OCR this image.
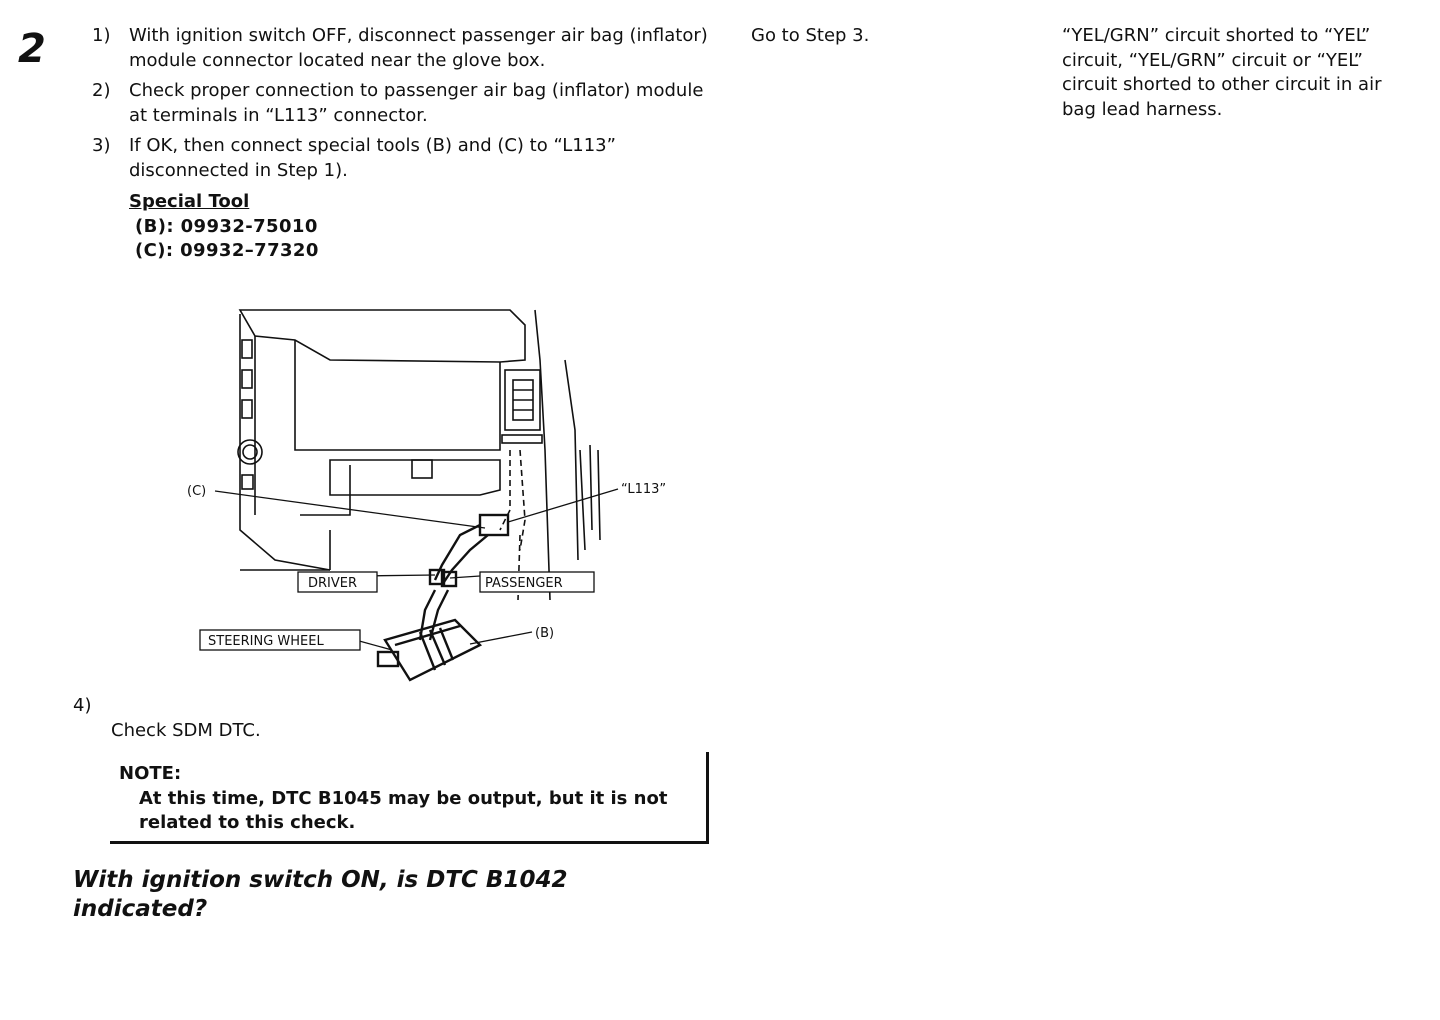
2	1) With ignition switch OFF, disconnect passenger air bag (inflator) module connector located near the glove box.
2) Check proper connection to passenger air bag (inflator) module at terminals in “L113” connector.
3) If OK, then connect special tools (B) and (C) to “L113” disconnected in Step 1).
Special Tool
(B): 09932-75010
(C): 09932–77320
(C)	“L113”
DRIVER	PASSENGER
STEERING WHEEL
(B)
4)
Check SDM DTC.
NOTE:
At this time, DTC B1045 may be output, but it is not related to this check.
With ignition switch ON, is DTC B1042 indicated?
Go to Step 3.	“YEL/GRN” circuit shorted to “YEL” circuit, “YEL/GRN” circuit or “YEL” circuit shorted to other circuit in air bag lead harness.
